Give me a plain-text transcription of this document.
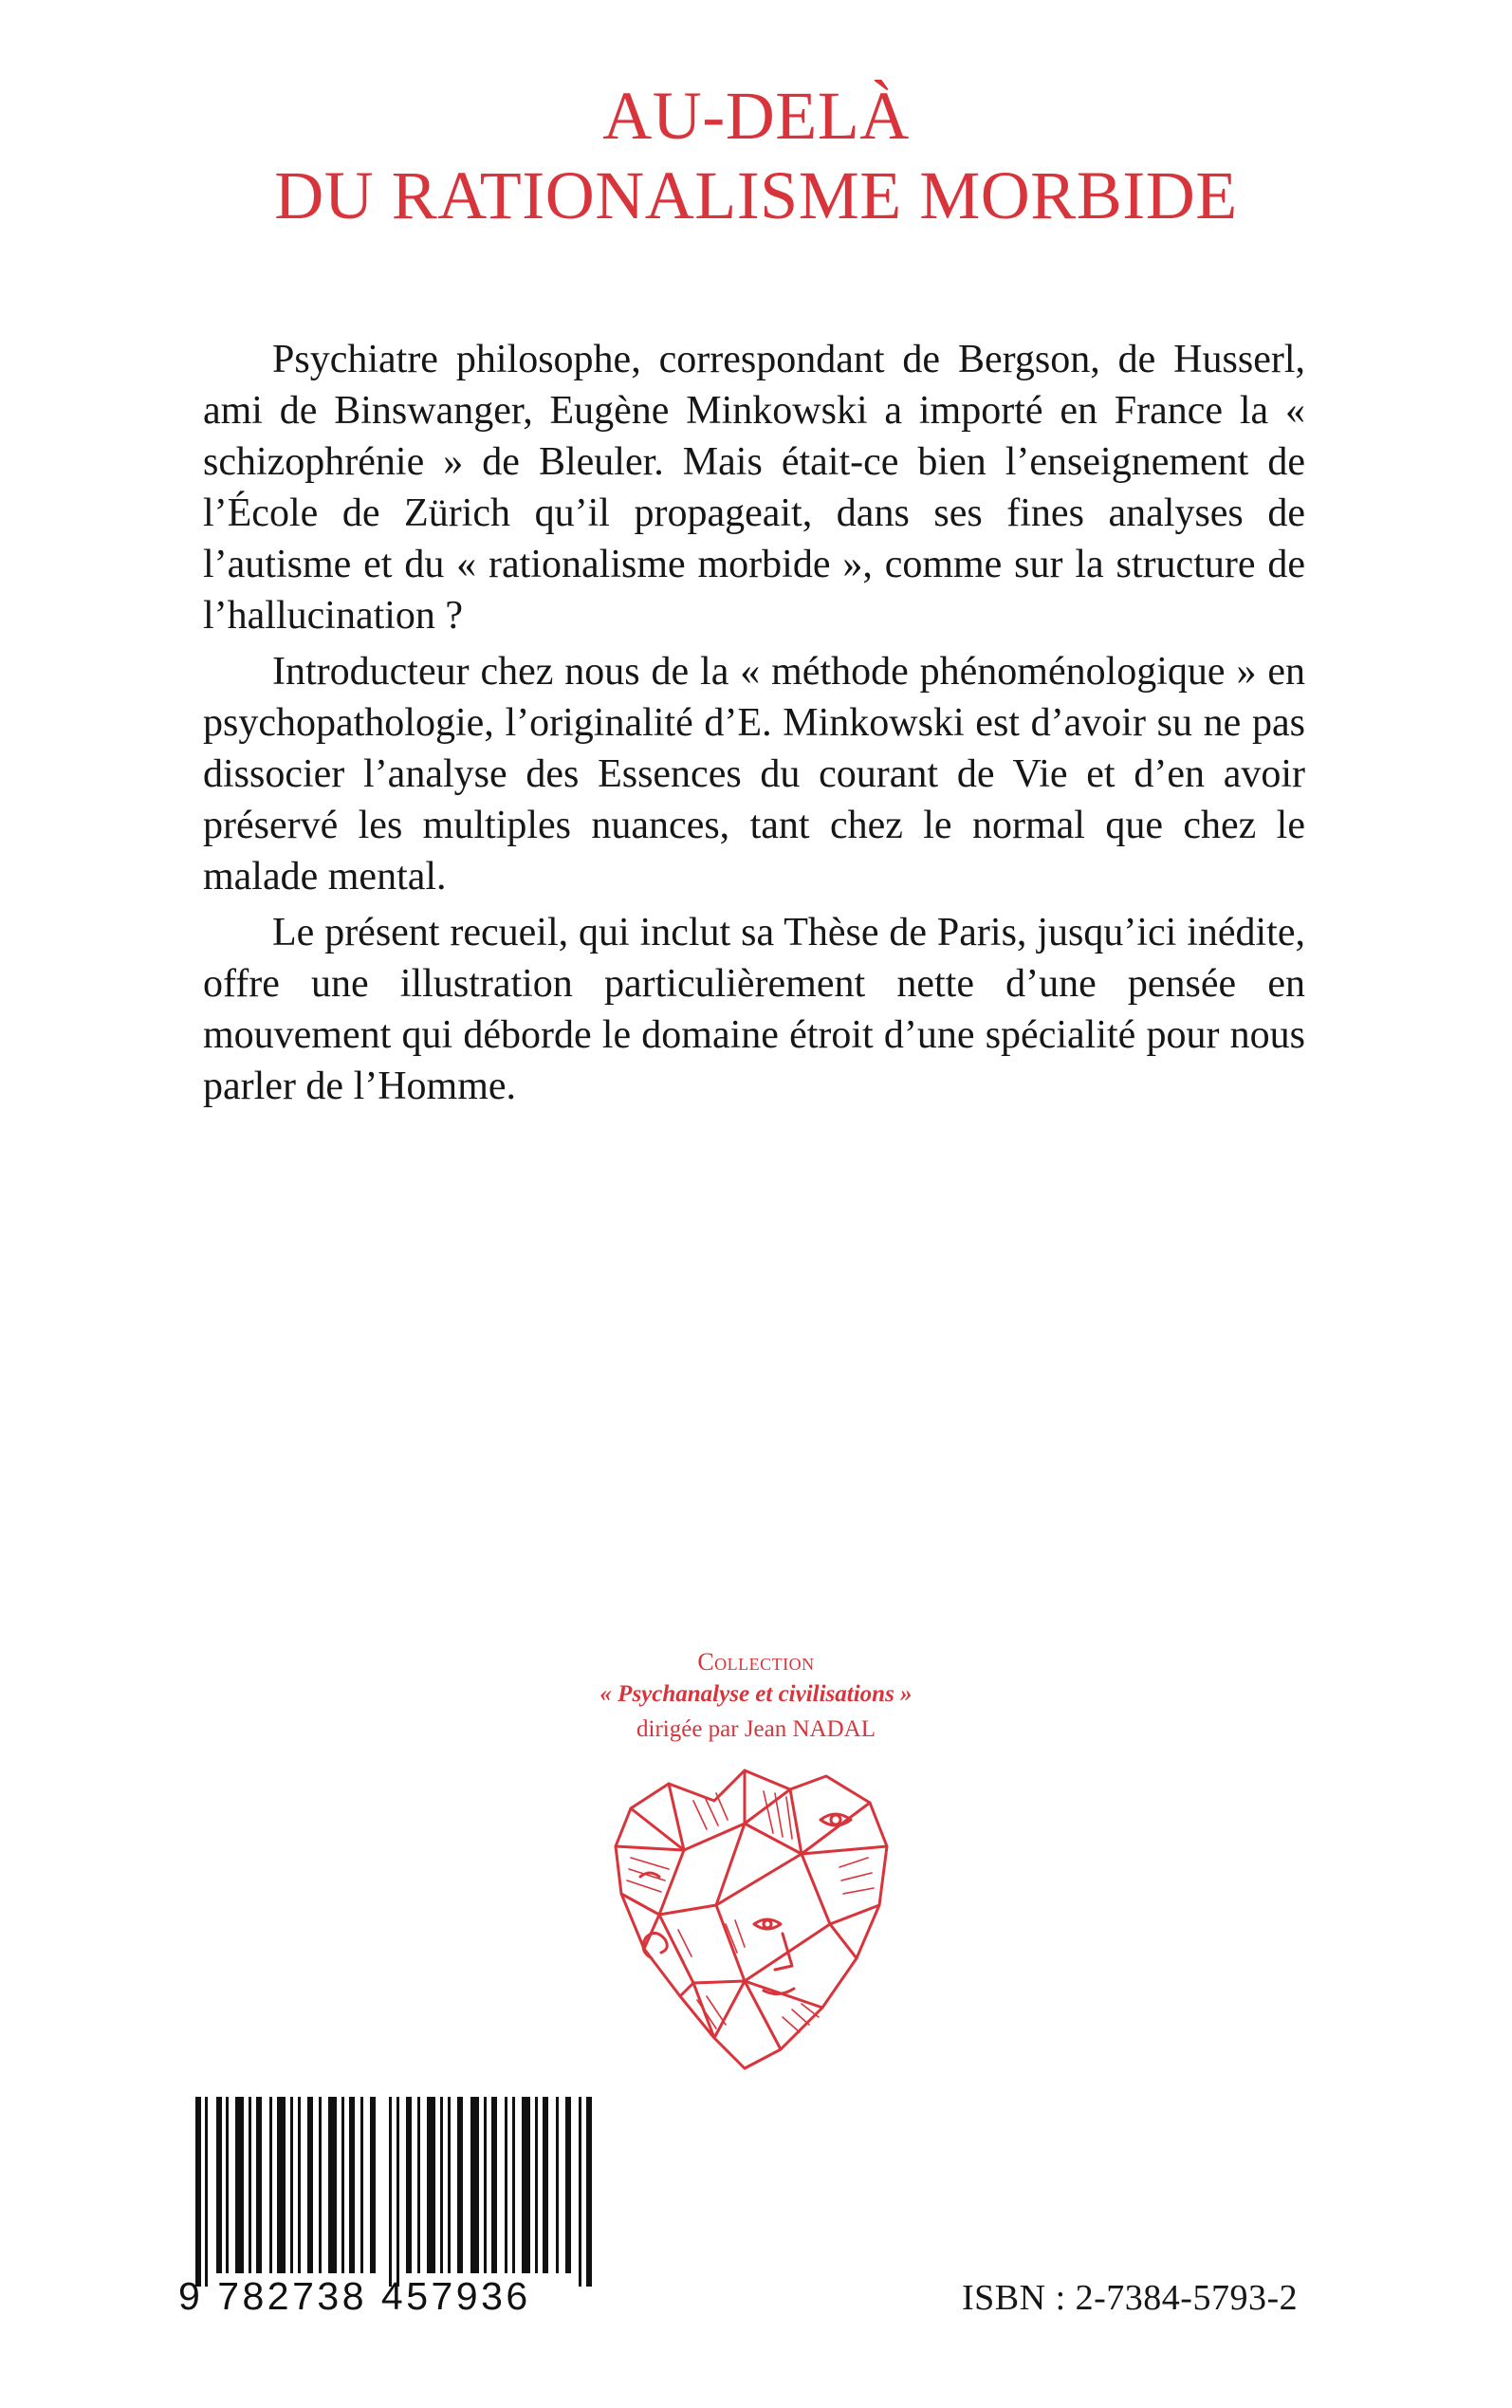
AU-DELÀ
DU RATIONALISME MORBIDE

Psychiatre philosophe, correspondant de Bergson, de Husserl, ami de Binswanger, Eugène Minkowski a importé en France la « schizophrénie » de Bleuler. Mais était-ce bien l’enseignement de l’École de Zürich qu’il propageait, dans ses fines analyses de l’autisme et du « rationalisme morbide », comme sur la structure de l’hallucination ?

Introducteur chez nous de la « méthode phénoménologique » en psychopathologie, l’originalité d’E. Minkowski est d’avoir su ne pas dissocier l’analyse des Essences du courant de Vie et d’en avoir préservé les multiples nuances, tant chez le normal que chez le malade mental.

Le présent recueil, qui inclut sa Thèse de Paris, jusqu’ici inédite, offre une illustration particulièrement nette d’une pensée en mouvement qui déborde le domaine étroit d’une spécialité pour nous parler de l’Homme.

Collection
« Psychanalyse et civilisations »
dirigée par Jean NADAL
9 782738 457936	ISBN : 2-7384-5793-2
